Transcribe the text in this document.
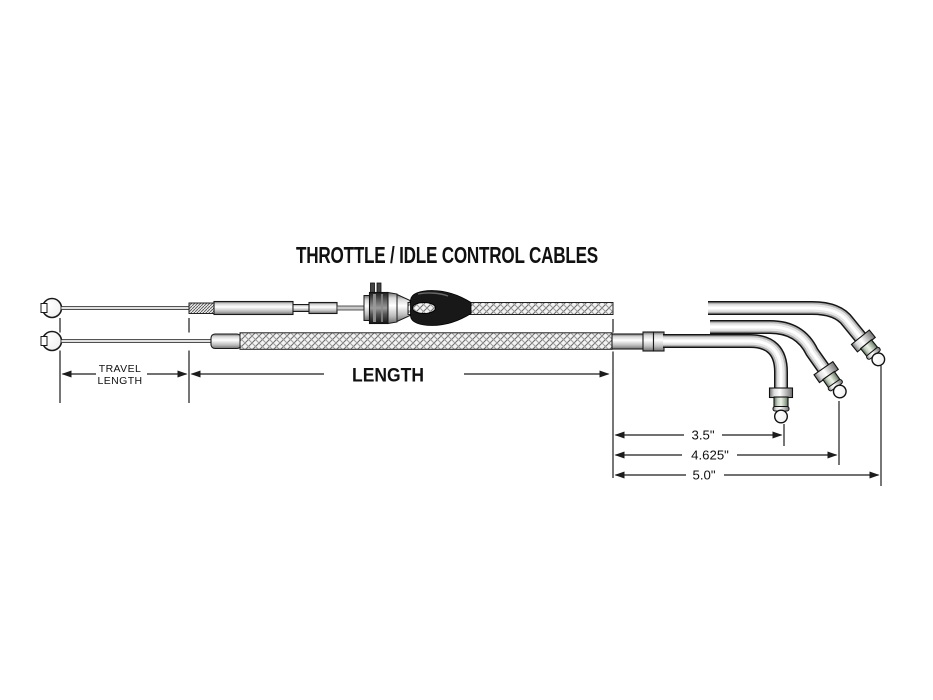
THROTTLE / IDLE CONTROL CABLES
TRAVEL
LENGTH	LENGTH
3.5"
4.625"
5.0"
